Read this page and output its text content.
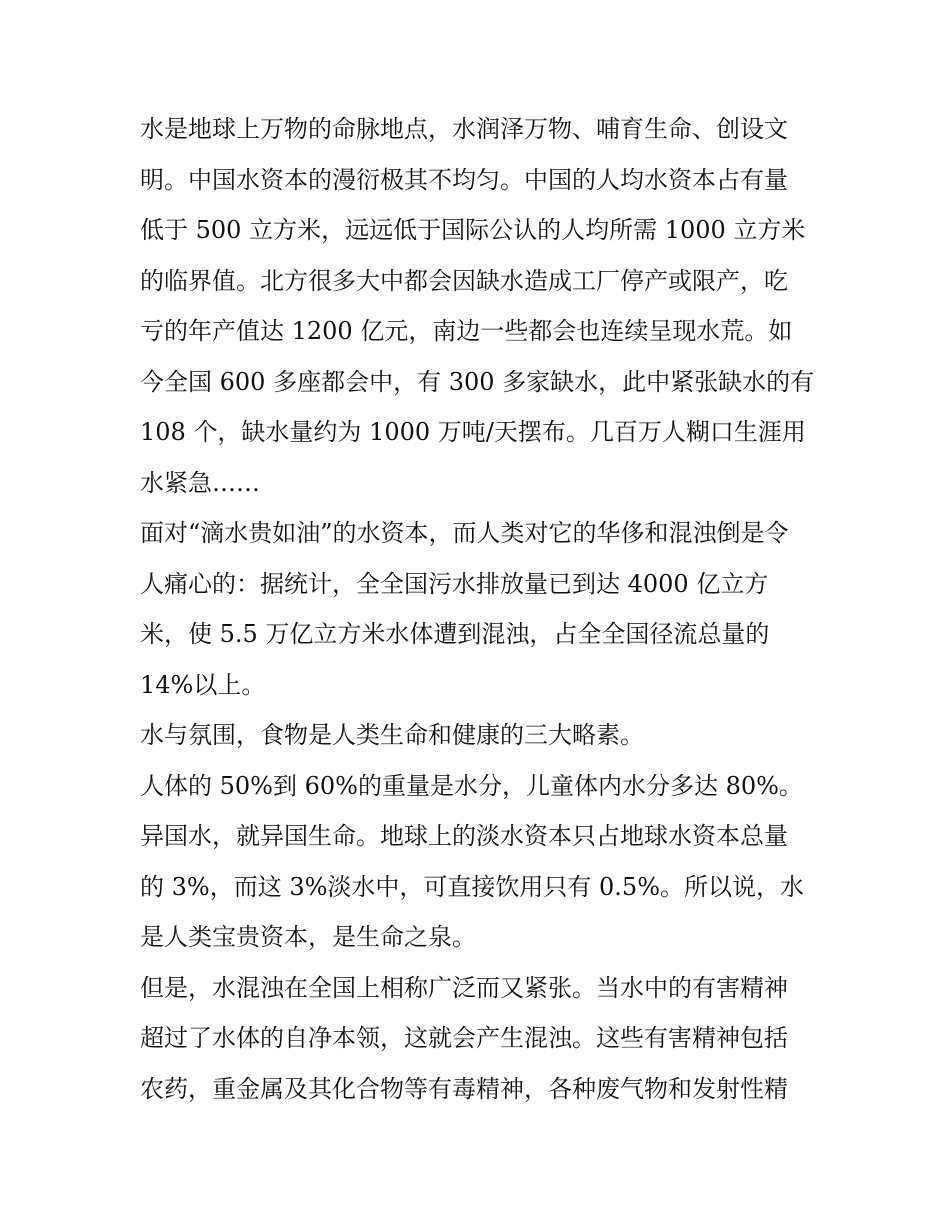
水是地球上万物的命脉地点，水润泽万物、哺育生命、创设文
明。中国水资本的漫衍极其不均匀。中国的人均水资本占有量
低于 500 立方米，远远低于国际公认的人均所需 1000 立方米
的临界值。北方很多大中都会因缺水造成工厂停产或限产，吃
亏的年产值达 1200 亿元，南边一些都会也连续呈现水荒。如
今全国 600 多座都会中，有 300 多家缺水，此中紧张缺水的有
108 个，缺水量约为 1000 万吨/天摆布。几百万人糊口生涯用
水紧急……
面对“滴水贵如油”的水资本，而人类对它的华侈和混浊倒是令
人痛心的：据统计，全全国污水排放量已到达 4000 亿立方
米，使 5.5 万亿立方米水体遭到混浊，占全全国径流总量的
14%以上。
水与氛围，食物是人类生命和健康的三大略素。
人体的 50%到 60%的重量是水分，儿童体内水分多达 80%。
异国水，就异国生命。地球上的淡水资本只占地球水资本总量
的 3%，而这 3%淡水中，可直接饮用只有 0.5%。所以说，水
是人类宝贵资本，是生命之泉。
但是，水混浊在全国上相称广泛而又紧张。当水中的有害精神
超过了水体的自净本领，这就会产生混浊。这些有害精神包括
农药，重金属及其化合物等有毒精神，各种废气物和发射性精
